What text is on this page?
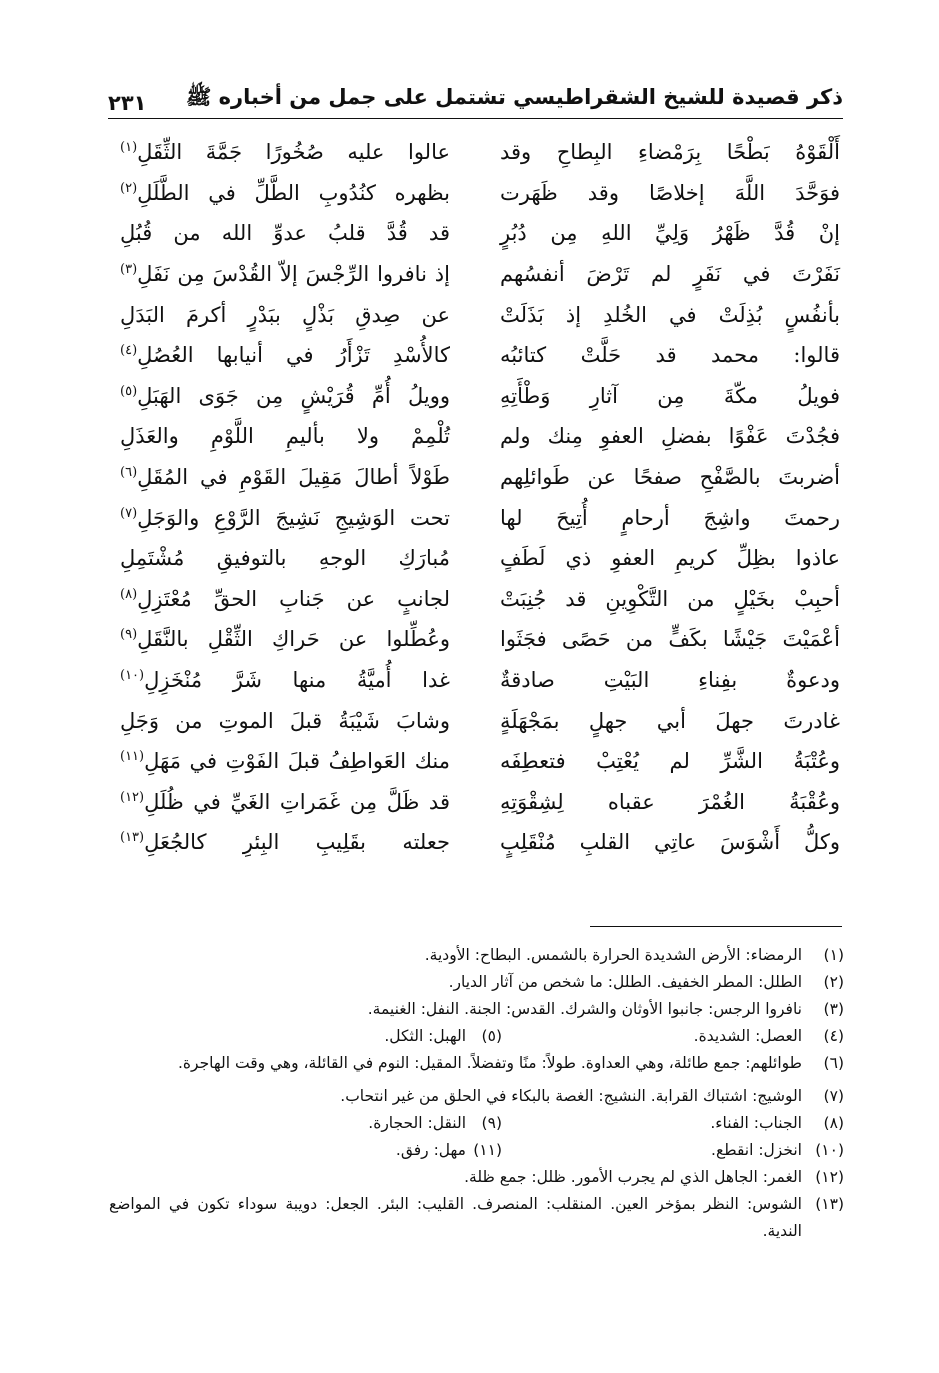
ذكر قصيدة للشيخ الشقراطيسي تشتمل على جمل من أخباره ﷺ
٢٣١
أَلْقَوْهُ بَطْحًا بِرَمْضاءِ البِطاحِ وقد
عالوا عليه صُخُورًا جَمَّةَ الثِّقَلِ$^{(١)}$
فوَحَّدَ اللَّهَ إخلاصًا وقد ظَهَرت
بظهره كنُدُوبِ الطَّلِّ في الطَّلَلِ$^{(٢)}$
إنْ قُدَّ ظَهْرُ وَلِيِّ اللهِ مِن دُبُرٍ
قد قُدَّ قلبُ عدوِّ الله من قُبُلِ
نَفَرْتَ في نَفَرٍ لم تَرْضَ أنفسُهم
إذ نافروا الرِّجْسَ إلاّ القُدْسَ مِن نَفَلِ$^{(٣)}$
بأنفُسٍ بُذِلَتْ في الخُلدِ إذ بَذَلَتْ
عن صِدقِ بَذْلٍ ببَدْرٍ أكرمَ البَدَلِ
قالوا: محمد قد حَلَّتْ كتائبُه
كالأُسْدِ تَزْأَرُ في أنيابها العُصُلِ$^{(٤)}$
فويلُ مكّةَ مِن آثارِ وَطْأَتِهِ
وويلُ أُمِّ قُرَيْشٍ مِن جَوَى الهَبَلِ$^{(٥)}$
فجُدْتَ عَفْوًا بفضلِ العفوِ مِنك ولم
تُلْمِمْ ولا بأليمِ اللَّوْمِ والعَذَلِ
أضربتَ بالصَّفْحِ صفحًا عن طَوائلِهم
طَوْلاً أطالَ مَقِيلَ القَوْمِ في المُقَلِ$^{(٦)}$
رحمتَ واشِجَ أرحامٍ أُتِيحَ لها
تحت الوَشِيجِ نَشِيجَ الرَّوْعِ والوَجَلِ$^{(٧)}$
عاذوا بظِلِّ كريمِ العفوِ ذي لَطَفٍ
مُبارَكِ الوجهِ بالتوفيقِ مُشْتَمِلِ
أحبِبْ بخَيْلٍ من التَّكْوِينِ قد جُنِبَتْ
لجانبٍ عن جَنابِ الحقِّ مُعْتَزِلِ$^{(٨)}$
أعْمَيْتَ جَيْشًا بكَفٍّ من حَصًى فجَثَوا
وعُطِّلوا عن حَراكِ الثِّقْلِ بالنَّقَلِ$^{(٩)}$
ودعوةٌ بفِناءِ البَيْتِ صادقةٌ
غدا أُميَّةُ منها شَرَّ مُنْخَزِلِ$^{(١٠)}$
غادرتَ جهلَ أبي جهلٍ بمَجْهَلَةٍ
وشابَ شَيْبَةُ قبلَ الموتِ من وَجَلِ
وعُتْبَةُ الشَّرِّ لم يُعْتِبْ فتعطِفَه
منك العَواطِفُ قبلَ الفَوْتِ في مَهَلِ$^{(١١)}$
وعُقْبَةُ الغُمْرَ عقباه لِشِقْوَتِهِ
قد ظَلَّ مِن غَمَراتِ الغَيِّ في ظُلَلِ$^{(١٢)}$
وكلُّ أَشْوَسَ عاتِي القلبِ مُنْقَلِبٍ
جعلته بقَلِيبِ البِئرِ كالجُعَلِ$^{(١٣)}$
(١)
الرمضاء: الأرض الشديدة الحرارة بالشمس. البطاح: الأودية.
(٢)
الطلل: المطر الخفيف. الطلل: ما شخص من آثار الديار.
(٣)
نافروا الرجس: جانبوا الأوثان والشرك. القدس: الجنة. النفل: الغنيمة.
(٤)
العصل: الشديدة.
(٥)الهبل: الثكل.
(٦)
طوائلهم: جمع طائلة، وهي العداوة. طولاً: منًا وتفضلاً. المقيل: النوم في القائلة، وهي وقت الهاجرة.
(٧)
الوشيج: اشتباك القرابة. النشيج: الغصة بالبكاء في الحلق من غير انتحاب.
(٨)
الجناب: الفناء.
(٩)النقل: الحجارة.
(١٠)
انخزل: انقطع.
(١١)مهل: رفق.
(١٢)
الغمر: الجاهل الذي لم يجرب الأمور. ظلل: جمع ظلة.
(١٣)
الشوس: النظر بمؤخر العين. المنقلب: المنصرف. القليب: البئر. الجعل: دويبة سوداء تكون في المواضع الندية.
